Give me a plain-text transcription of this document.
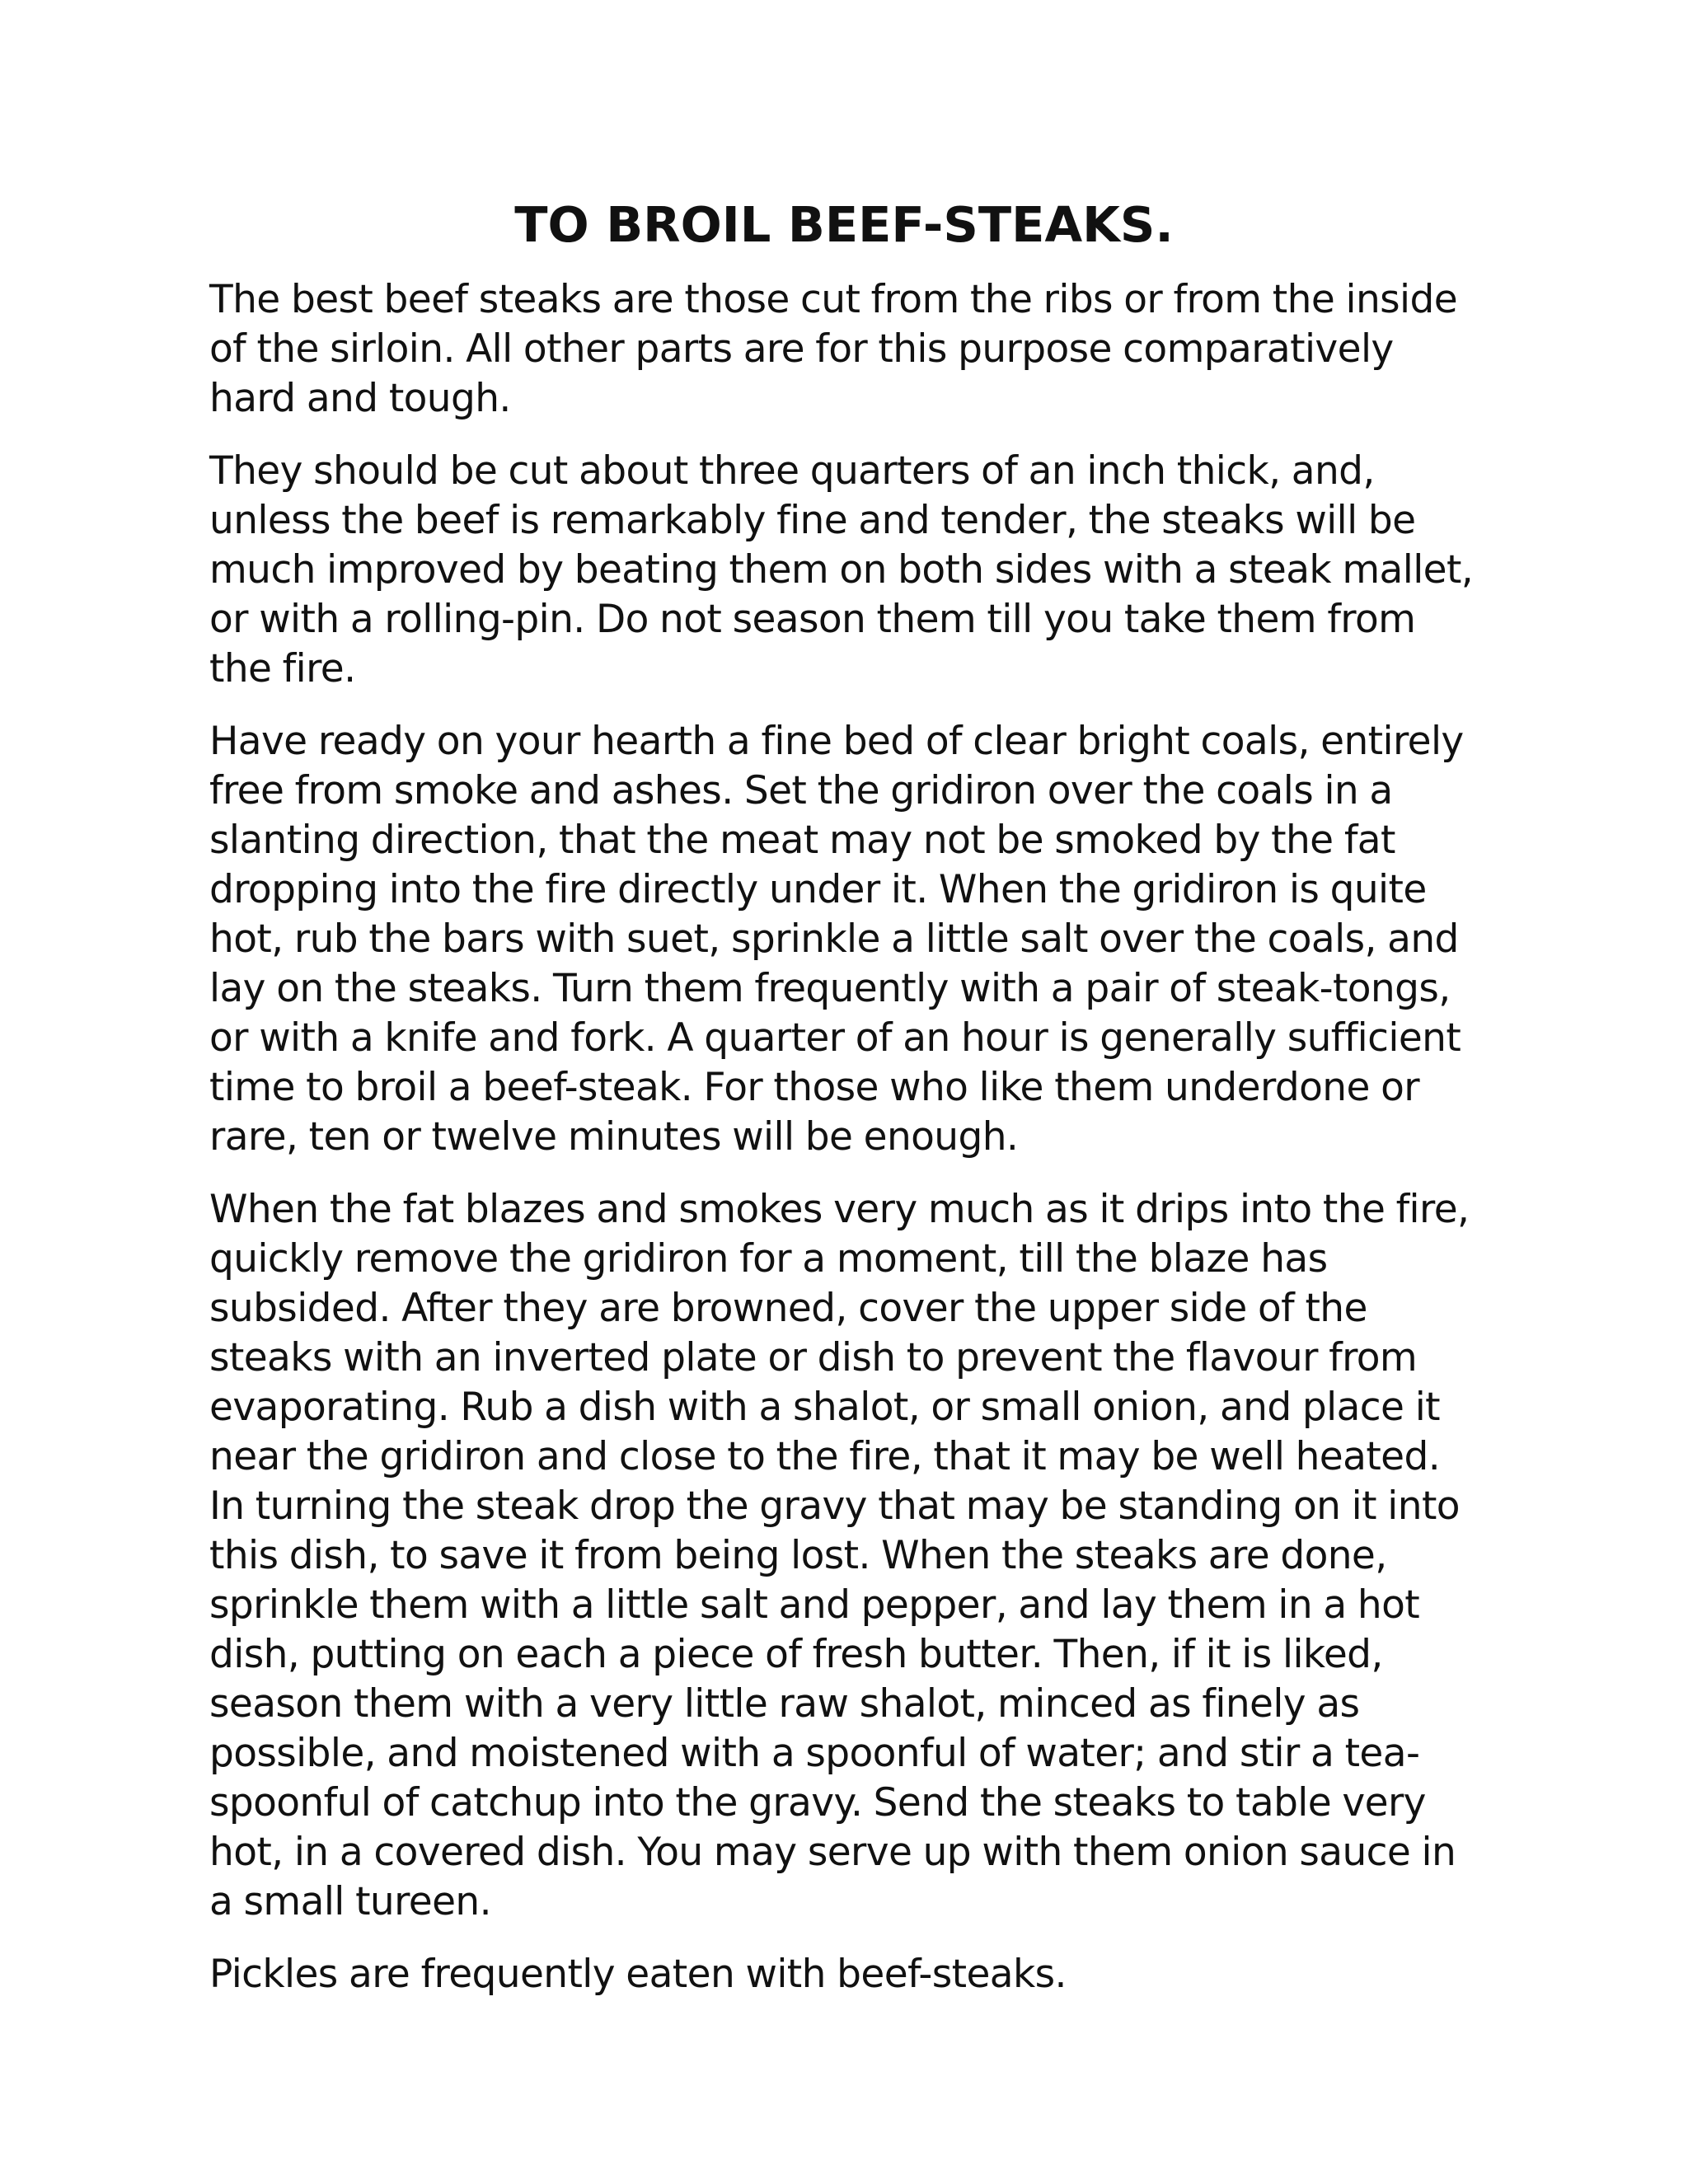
TO BROIL BEEF-STEAKS.

The best beef steaks are those cut from the ribs or from the inside of the sirloin. All other parts are for this purpose comparatively hard and tough.

They should be cut about three quarters of an inch thick, and, unless the beef is remarkably fine and tender, the steaks will be much improved by beating them on both sides with a steak mallet, or with a rolling-pin. Do not season them till you take them from the fire.

Have ready on your hearth a fine bed of clear bright coals, entirely free from smoke and ashes. Set the gridiron over the coals in a slanting direction, that the meat may not be smoked by the fat dropping into the fire directly under it. When the gridiron is quite hot, rub the bars with suet, sprinkle a little salt over the coals, and lay on the steaks. Turn them frequently with a pair of steak-tongs, or with a knife and fork. A quarter of an hour is generally sufficient time to broil a beef-steak. For those who like them underdone or rare, ten or twelve minutes will be enough.

When the fat blazes and smokes very much as it drips into the fire, quickly remove the gridiron for a moment, till the blaze has subsided. After they are browned, cover the upper side of the steaks with an inverted plate or dish to prevent the flavour from evaporating. Rub a dish with a shalot, or small onion, and place it near the gridiron and close to the fire, that it may be well heated. In turning the steak drop the gravy that may be standing on it into this dish, to save it from being lost. When the steaks are done, sprinkle them with a little salt and pepper, and lay them in a hot dish, putting on each a piece of fresh butter. Then, if it is liked, season them with a very little raw shalot, minced as finely as possible, and moistened with a spoonful of water; and stir a tea-spoonful of catchup into the gravy. Send the steaks to table very hot, in a covered dish. You may serve up with them onion sauce in a small tureen.

Pickles are frequently eaten with beef-steaks.
